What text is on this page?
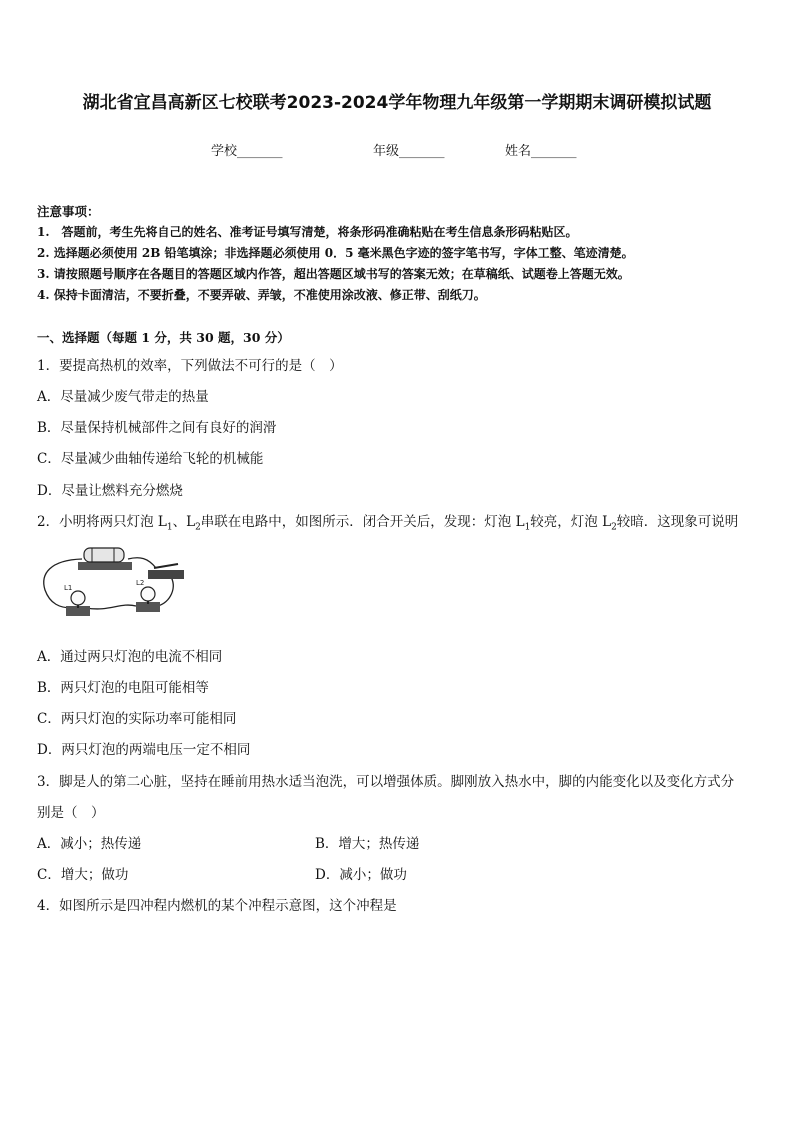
湖北省宜昌高新区七校联考2023-2024学年物理九年级第一学期期末调研模拟试题
学校_______	年级_______	姓名_______
注意事项：
1.　答题前，考生先将自己的姓名、准考证号填写清楚，将条形码准确粘贴在考生信息条形码粘贴区。
2. 选择题必须使用 2B 铅笔填涂；非选择题必须使用 0．5 毫米黑色字迹的签字笔书写，字体工整、笔迹清楚。
3. 请按照题号顺序在各题目的答题区域内作答，超出答题区域书写的答案无效；在草稿纸、试题卷上答题无效。
4. 保持卡面清洁，不要折叠，不要弄破、弄皱，不准使用涂改液、修正带、刮纸刀。
一、选择题（每题 1 分，共 30 题，30 分）
1．要提高热机的效率，下列做法不可行的是（　）
A．尽量减少废气带走的热量
B．尽量保持机械部件之间有良好的润滑
C．尽量减少曲轴传递给飞轮的机械能
D．尽量让燃料充分燃烧
2．小明将两只灯泡 $L_1$、$L_2$串联在电路中，如图所示．闭合开关后，发现：灯泡 $L_1$较亮，灯泡 $L_2$较暗．这现象可说明
L1
L2
A．通过两只灯泡的电流不相同
B．两只灯泡的电阻可能相等
C．两只灯泡的实际功率可能相同
D．两只灯泡的两端电压一定不相同
3．脚是人的第二心脏，坚持在睡前用热水适当泡洗，可以增强体质。脚刚放入热水中，脚的内能变化以及变化方式分
别是（　）
A．减小；热传递	B．增大；热传递
C．增大；做功	D．减小；做功
4．如图所示是四冲程内燃机的某个冲程示意图，这个冲程是
